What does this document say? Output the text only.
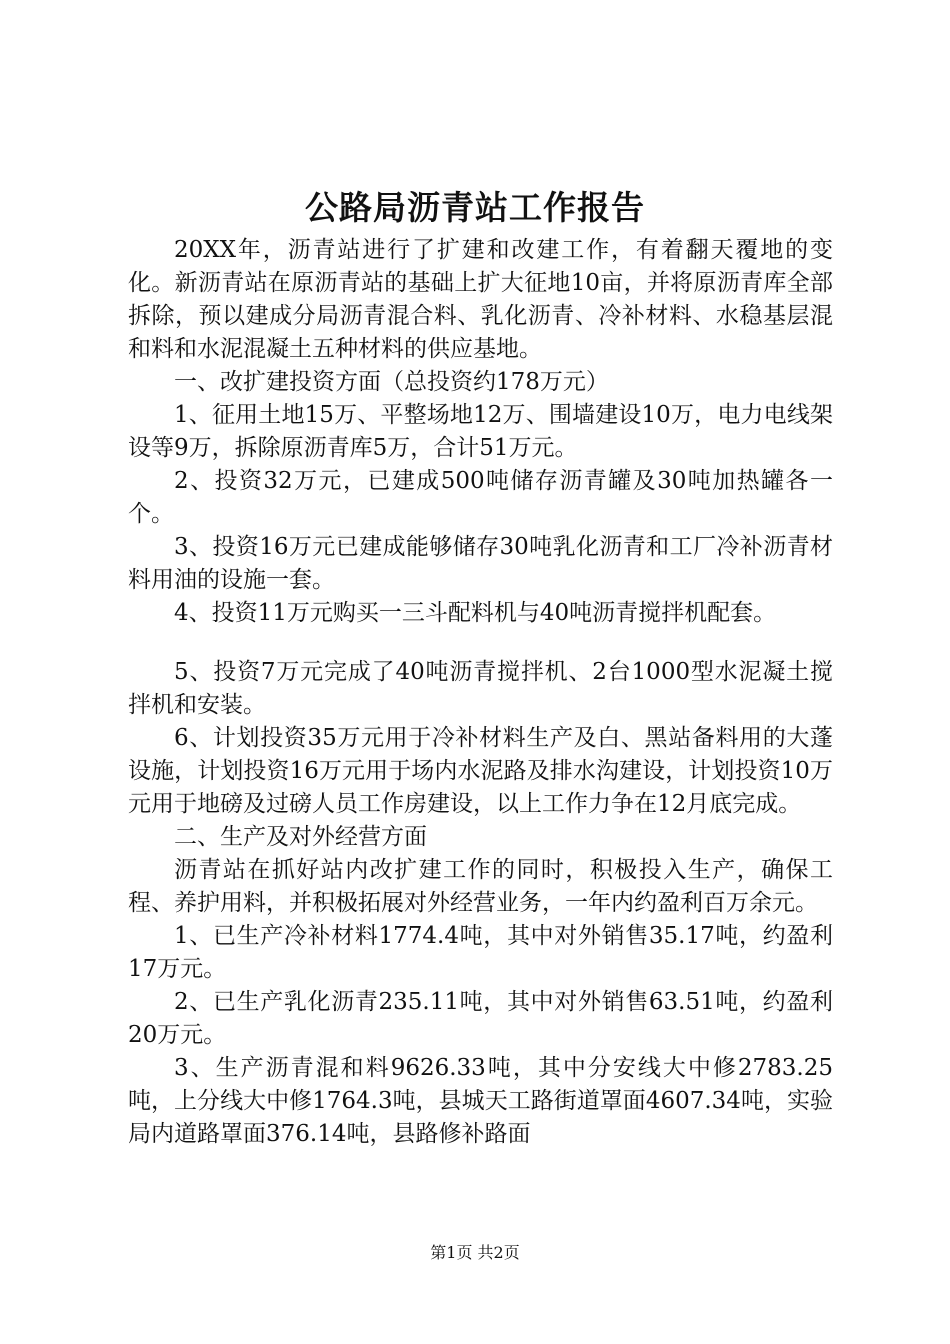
公路局沥青站工作报告

20XX年，沥青站进行了扩建和改建工作，有着翻天覆地的变化。新沥青站在原沥青站的基础上扩大征地10亩，并将原沥青库全部拆除，预以建成分局沥青混合料、乳化沥青、冷补材料、水稳基层混和料和水泥混凝土五种材料的供应基地。

一、改扩建投资方面（总投资约178万元）

1、征用土地15万、平整场地12万、围墙建设10万，电力电线架设等9万，拆除原沥青库5万，合计51万元。

2、投资32万元，已建成500吨储存沥青罐及30吨加热罐各一个。

3、投资16万元已建成能够储存30吨乳化沥青和工厂冷补沥青材料用油的设施一套。

4、投资11万元购买一三斗配料机与40吨沥青搅拌机配套。

5、投资7万元完成了40吨沥青搅拌机、2台1000型水泥凝土搅拌机和安装。

6、计划投资35万元用于冷补材料生产及白、黑站备料用的大蓬设施，计划投资16万元用于场内水泥路及排水沟建设，计划投资10万元用于地磅及过磅人员工作房建设，以上工作力争在12月底完成。

二、生产及对外经营方面

沥青站在抓好站内改扩建工作的同时，积极投入生产，确保工程、养护用料，并积极拓展对外经营业务，一年内约盈利百万余元。

1、已生产冷补材料1774.4吨，其中对外销售35.17吨，约盈利17万元。

2、已生产乳化沥青235.11吨，其中对外销售63.51吨，约盈利20万元。

3、生产沥青混和料9626.33吨，其中分安线大中修2783.25吨，上分线大中修1764.3吨，县城天工路街道罩面4607.34吨，实验局内道路罩面376.14吨，县路修补路面

第1页 共2页
